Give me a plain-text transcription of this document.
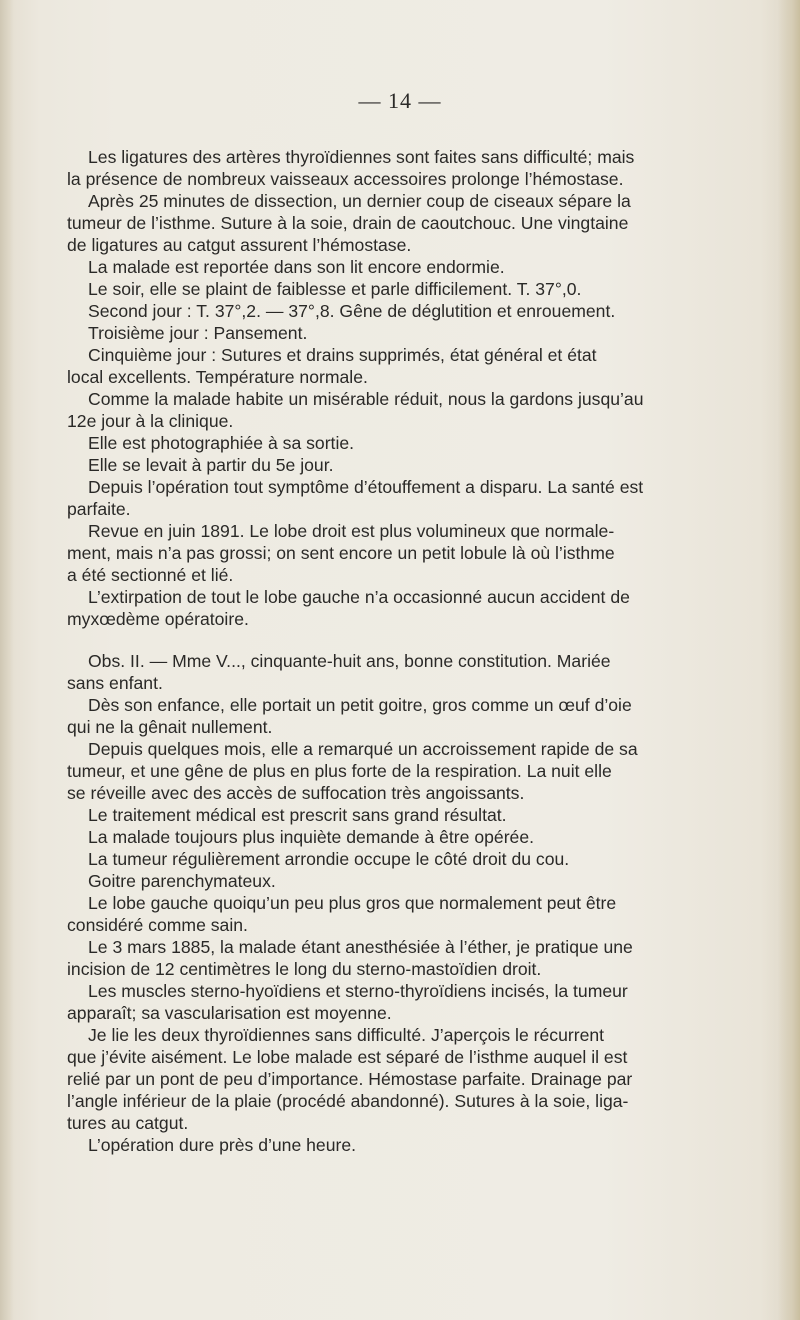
— 14 —
Les ligatures des artères thyroïdiennes sont faites sans difficulté; mais
la présence de nombreux vaisseaux accessoires prolonge l’hémostase.
Après 25 minutes de dissection, un dernier coup de ciseaux sépare la
tumeur de l’isthme. Suture à la soie, drain de caoutchouc. Une vingtaine
de ligatures au catgut assurent l’hémostase.
La malade est reportée dans son lit encore endormie.
Le soir, elle se plaint de faiblesse et parle difficilement. T. 37°,0.
Second jour : T. 37°,2. — 37°,8. Gêne de déglutition et enrouement.
Troisième jour : Pansement.
Cinquième jour : Sutures et drains supprimés, état général et état
local excellents. Température normale.
Comme la malade habite un misérable réduit, nous la gardons jusqu’au
12e jour à la clinique.
Elle est photographiée à sa sortie.
Elle se levait à partir du 5e jour.
Depuis l’opération tout symptôme d’étouffement a disparu. La santé est
parfaite.
Revue en juin 1891. Le lobe droit est plus volumineux que normale-
ment, mais n’a pas grossi; on sent encore un petit lobule là où l’isthme
a été sectionné et lié.
L’extirpation de tout le lobe gauche n’a occasionné aucun accident de
myxœdème opératoire.
Obs. II. — Mme V..., cinquante-huit ans, bonne constitution. Mariée
sans enfant.
Dès son enfance, elle portait un petit goitre, gros comme un œuf d’oie
qui ne la gênait nullement.
Depuis quelques mois, elle a remarqué un accroissement rapide de sa
tumeur, et une gêne de plus en plus forte de la respiration. La nuit elle
se réveille avec des accès de suffocation très angoissants.
Le traitement médical est prescrit sans grand résultat.
La malade toujours plus inquiète demande à être opérée.
La tumeur régulièrement arrondie occupe le côté droit du cou.
Goitre parenchymateux.
Le lobe gauche quoiqu’un peu plus gros que normalement peut être
considéré comme sain.
Le 3 mars 1885, la malade étant anesthésiée à l’éther, je pratique une
incision de 12 centimètres le long du sterno-mastoïdien droit.
Les muscles sterno-hyoïdiens et sterno-thyroïdiens incisés, la tumeur
apparaît; sa vascularisation est moyenne.
Je lie les deux thyroïdiennes sans difficulté. J’aperçois le récurrent
que j’évite aisément. Le lobe malade est séparé de l’isthme auquel il est
relié par un pont de peu d’importance. Hémostase parfaite. Drainage par
l’angle inférieur de la plaie (procédé abandonné). Sutures à la soie, liga-
tures au catgut.
L’opération dure près d’une heure.
